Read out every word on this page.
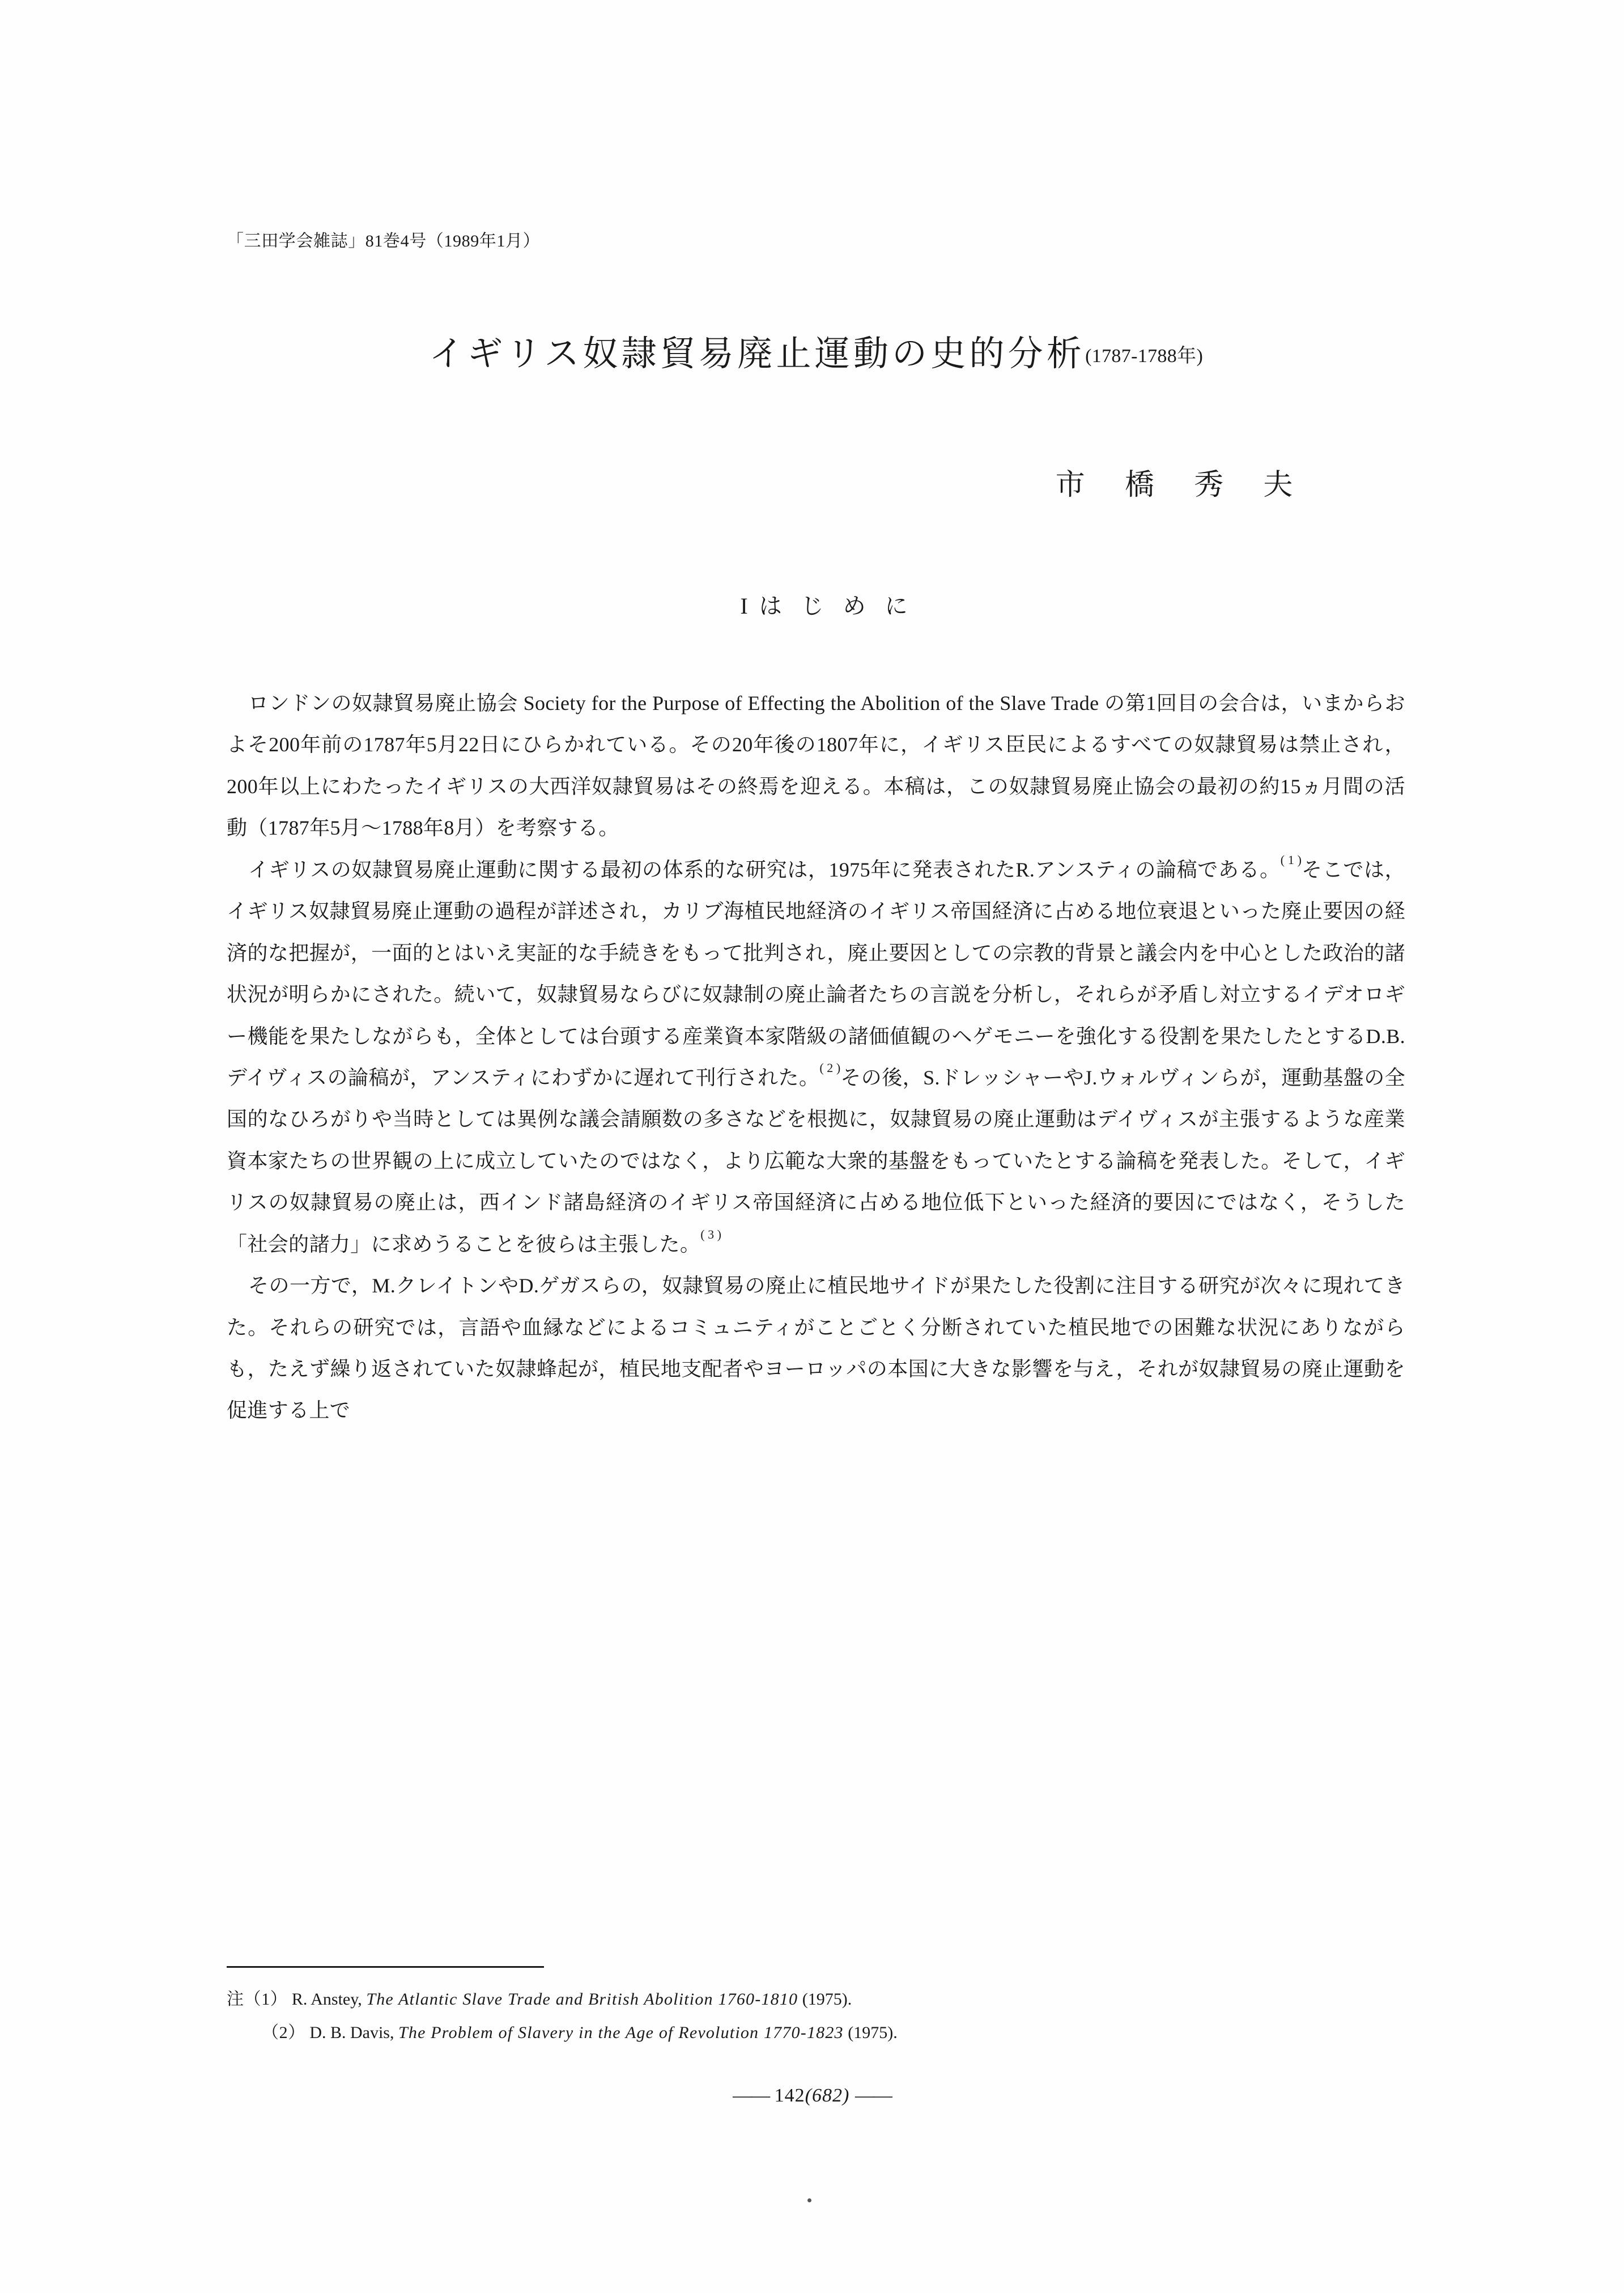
「三田学会雑誌」81巻4号（1989年1月）
イギリス奴隷貿易廃止運動の史的分析(1787-1788年)
市 橋 秀 夫
Iは じ め に

ロンドンの奴隷貿易廃止協会 Society for the Purpose of Effecting the Abolition of the Slave Trade の第1回目の会合は，いまからおよそ200年前の1787年5月22日にひらかれている。その20年後の1807年に，イギリス臣民によるすべての奴隷貿易は禁止され，200年以上にわたったイギリスの大西洋奴隷貿易はその終焉を迎える。本稿は，この奴隷貿易廃止協会の最初の約15ヵ月間の活動（1787年5月〜1788年8月）を考察する。

イギリスの奴隷貿易廃止運動に関する最初の体系的な研究は，1975年に発表されたR.アンスティの論稿である。$^{( 1 )}$そこでは，イギリス奴隷貿易廃止運動の過程が詳述され，カリブ海植民地経済のイギリス帝国経済に占める地位衰退といった廃止要因の経済的な把握が，一面的とはいえ実証的な手続きをもって批判され，廃止要因としての宗教的背景と議会内を中心とした政治的諸状況が明らかにされた。続いて，奴隷貿易ならびに奴隷制の廃止論者たちの言説を分析し，それらが矛盾し対立するイデオロギー機能を果たしながらも，全体としては台頭する産業資本家階級の諸価値観のヘゲモニーを強化する役割を果たしたとするD.B.デイヴィスの論稿が，アンスティにわずかに遅れて刊行された。$^{( 2 )}$その後，S.ドレッシャーやJ.ウォルヴィンらが，運動基盤の全国的なひろがりや当時としては異例な議会請願数の多さなどを根拠に，奴隷貿易の廃止運動はデイヴィスが主張するような産業資本家たちの世界観の上に成立していたのではなく，より広範な大衆的基盤をもっていたとする論稿を発表した。そして，イギリスの奴隷貿易の廃止は，西インド諸島経済のイギリス帝国経済に占める地位低下といった経済的要因にではなく，そうした「社会的諸力」に求めうることを彼らは主張した。$^{( 3 )}$

その一方で，M.クレイトンやD.ゲガスらの，奴隷貿易の廃止に植民地サイドが果たした役割に注目する研究が次々に現れてきた。それらの研究では，言語や血縁などによるコミュニティがことごとく分断されていた植民地での困難な状況にありながらも，たえず繰り返されていた奴隷蜂起が，植民地支配者やヨーロッパの本国に大きな影響を与え，それが奴隷貿易の廃止運動を促進する上で

注（1） R. Anstey, The Atlantic Slave Trade and British Abolition 1760-1810 (1975).
（2） D. B. Davis, The Problem of Slavery in the Age of Revolution 1770-1823 (1975).
—— 142(682) ——
